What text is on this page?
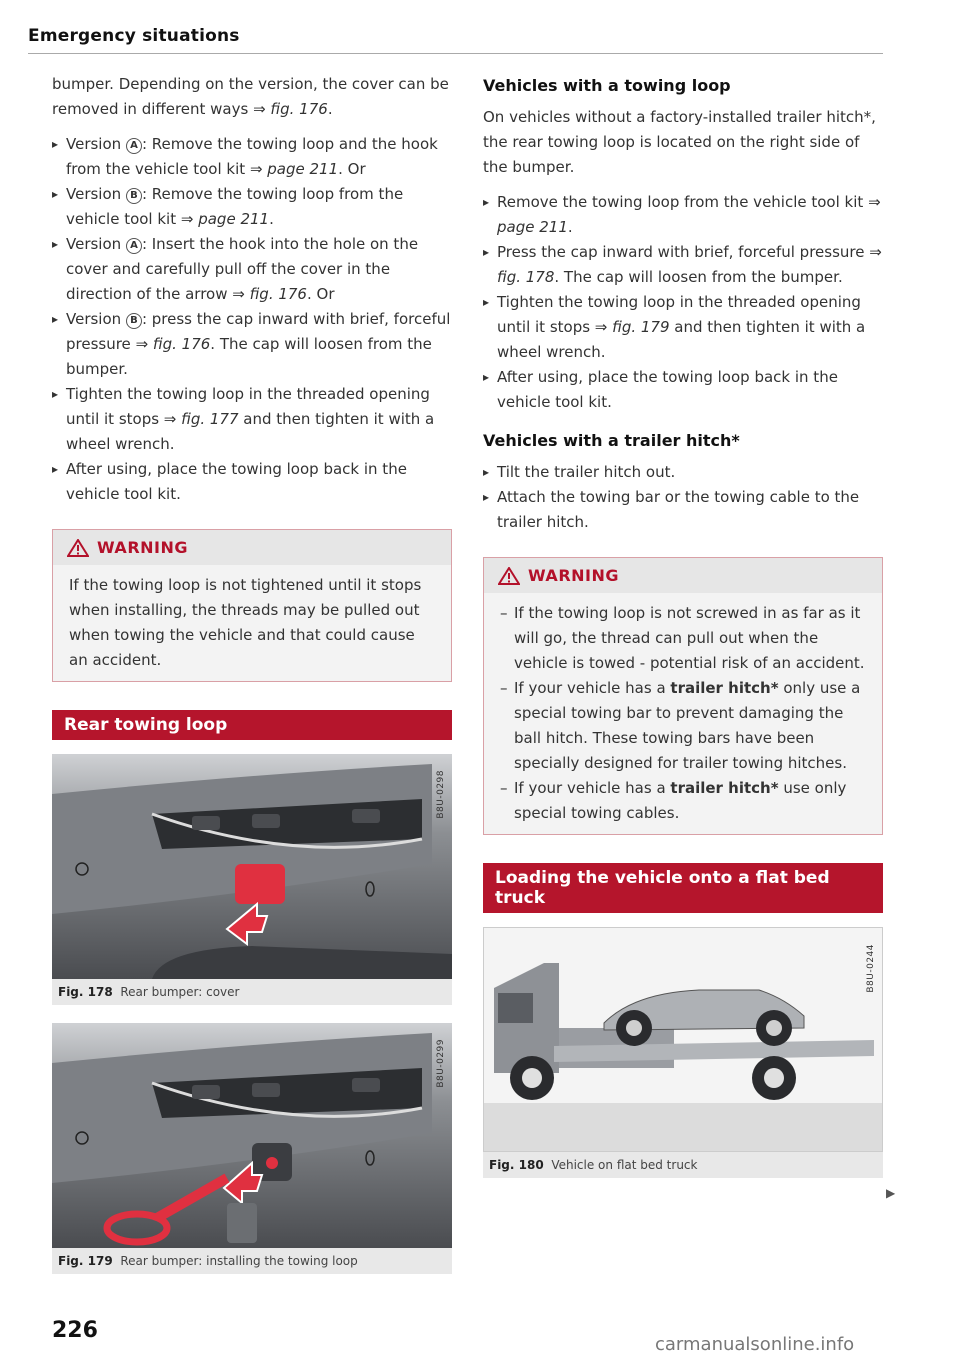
Emergency situations

bumper. Depending on the version, the cover can be removed in different ways ⇒ fig. 176.

▸ Version A : Remove the towing loop and the hook from the vehicle tool kit ⇒ page 211. Or
▸ Version B : Remove the towing loop from the vehicle tool kit ⇒ page 211.
▸ Version A : Insert the hook into the hole on the cover and carefully pull off the cover in the direction of the arrow ⇒ fig. 176. Or
▸ Version B : press the cap inward with brief, forceful pressure ⇒ fig. 176. The cap will loosen from the bumper.
▸ Tighten the towing loop in the threaded opening until it stops ⇒ fig. 177 and then tighten it with a wheel wrench.
▸ After using, place the towing loop back in the vehicle tool kit.
WARNING
If the towing loop is not tightened until it stops when installing, the threads may be pulled out when towing the vehicle and that could cause an accident.
Rear towing loop
B8U-0298
Fig. 178 Rear bumper: cover
B8U-0299
Fig. 179 Rear bumper: installing the towing loop
Vehicles with a towing loop

On vehicles without a factory-installed trailer hitch*, the rear towing loop is located on the right side of the bumper.

▸ Remove the towing loop from the vehicle tool kit ⇒ page 211.
▸ Press the cap inward with brief, forceful pressure ⇒ fig. 178. The cap will loosen from the bumper.
▸ Tighten the towing loop in the threaded opening until it stops ⇒ fig. 179 and then tighten it with a wheel wrench.
▸ After using, place the towing loop back in the vehicle tool kit.
Vehicles with a trailer hitch*
▸ Tilt the trailer hitch out.
▸ Attach the towing bar or the towing cable to the trailer hitch.
WARNING
– If the towing loop is not screwed in as far as it will go, the thread can pull out when the vehicle is towed - potential risk of an accident.
– If your vehicle has a trailer hitch* only use a special towing bar to prevent damaging the ball hitch. These towing bars have been specially designed for trailer towing hitches.
– If your vehicle has a trailer hitch* use only special towing cables.
Loading the vehicle onto a flat bed truck
B8U-0244
Fig. 180 Vehicle on flat bed truck
▶
226
carmanualsonline.info
